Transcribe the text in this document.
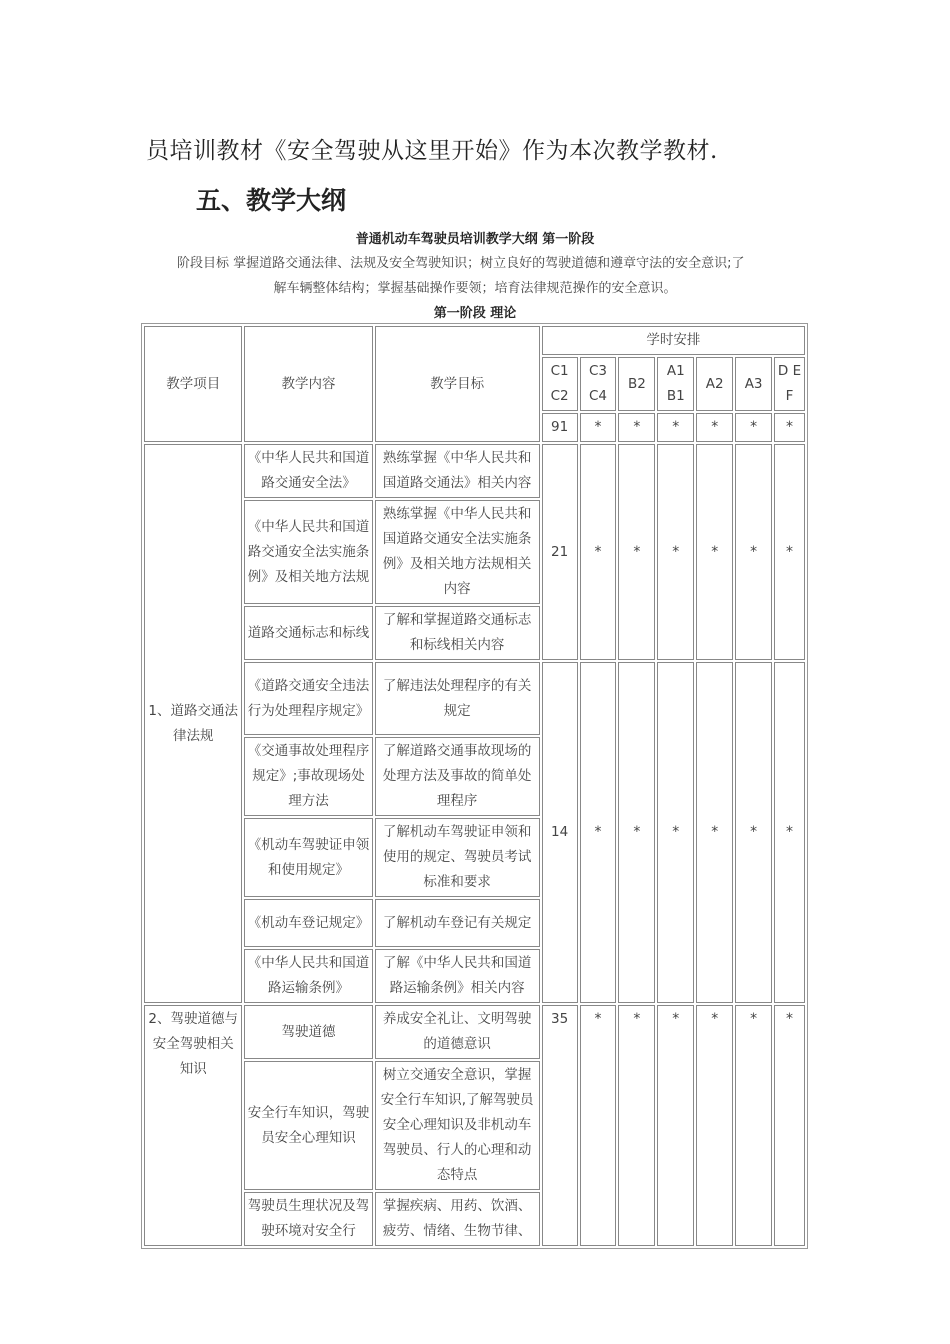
员培训教材《安全驾驶从这里开始》作为本次教学教材.
五、教学大纲
普通机动车驾驶员培训教学大纲 第一阶段
阶段目标 掌握道路交通法律、法规及安全驾驶知识；树立良好的驾驶道德和遵章守法的安全意识;了
解车辆整体结构；掌握基础操作要领；培育法律规范操作的安全意识。
第一阶段 理论
教学项目	教学内容	教学目标	学时安排						
			C1 C2	C3 C4	B2	A1 B1	A2	A3	D E F
			91	*	*	*	*	*	*
1、道路交通法律法规	《中华人民共和国道路交通安全法》	熟练掌握《中华人民共和国道路交通法》相关内容	21	*	*	*	*	*	*
	《中华人民共和国道路交通安全法实施条例》及相关地方法规	熟练掌握《中华人民共和国道路交通安全法实施条例》及相关地方法规相关内容							
	道路交通标志和标线	了解和掌握道路交通标志和标线相关内容							
	《道路交通安全违法行为处理程序规定》	了解违法处理程序的有关规定	14	*	*	*	*	*	*
	《交通事故处理程序规定》;事故现场处理方法	了解道路交通事故现场的处理方法及事故的简单处理程序							
	《机动车驾驶证申领和使用规定》	了解机动车驾驶证申领和使用的规定、驾驶员考试标准和要求							
	《机动车登记规定》	了解机动车登记有关规定							
	《中华人民共和国道路运输条例》	了解《中华人民共和国道路运输条例》相关内容							
2、驾驶道德与安全驾驶相关知识	驾驶道德	养成安全礼让、文明驾驶的道德意识	35	*	*	*	*	*	*
	安全行车知识，驾驶员安全心理知识	树立交通安全意识，掌握安全行车知识,了解驾驶员安全心理知识及非机动车驾驶员、行人的心理和动态特点							
	驾驶员生理状况及驾驶环境对安全行	掌握疾病、用药、饮酒、疲劳、情绪、生物节律、							
